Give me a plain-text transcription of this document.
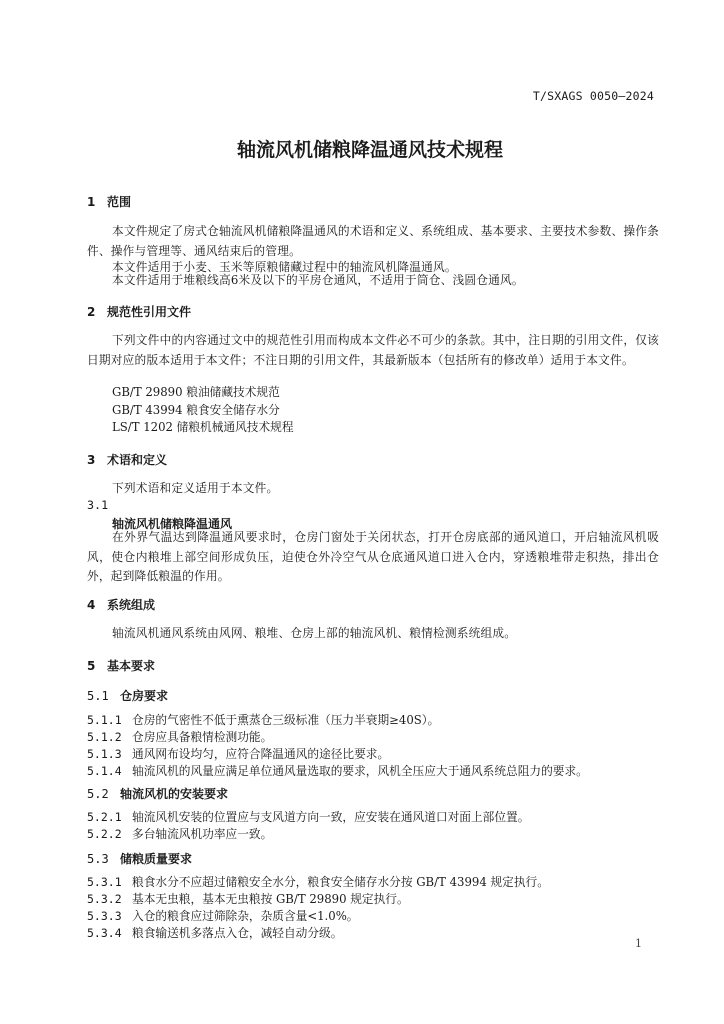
T/SXAGS 0050—2024
轴流风机储粮降温通风技术规程
1 范围
本文件规定了房式仓轴流风机储粮降温通风的术语和定义、系统组成、基本要求、主要技术参数、操作条件、操作与管理等、通风结束后的管理。
本文件适用于小麦、玉米等原粮储藏过程中的轴流风机降温通风。
本文件适用于堆粮线高6米及以下的平房仓通风，不适用于筒仓、浅圆仓通风。
2 规范性引用文件
下列文件中的内容通过文中的规范性引用而构成本文件必不可少的条款。其中，注日期的引用文件，仅该日期对应的版本适用于本文件；不注日期的引用文件，其最新版本（包括所有的修改单）适用于本文件。
GB/T 29890 粮油储藏技术规范
GB/T 43994 粮食安全储存水分
LS/T 1202 储粮机械通风技术规程
3 术语和定义
下列术语和定义适用于本文件。
3.1
轴流风机储粮降温通风
在外界气温达到降温通风要求时，仓房门窗处于关闭状态，打开仓房底部的通风道口，开启轴流风机吸风，使仓内粮堆上部空间形成负压，迫使仓外冷空气从仓底通风道口进入仓内，穿透粮堆带走积热，排出仓外，起到降低粮温的作用。
4 系统组成
轴流风机通风系统由风网、粮堆、仓房上部的轴流风机、粮情检测系统组成。
5 基本要求
5.1 仓房要求
5.1.1 仓房的气密性不低于熏蒸仓三级标准（压力半衰期≥40S）。
5.1.2 仓房应具备粮情检测功能。
5.1.3 通风网布设均匀，应符合降温通风的途径比要求。
5.1.4 轴流风机的风量应满足单位通风量选取的要求，风机全压应大于通风系统总阻力的要求。
5.2 轴流风机的安装要求
5.2.1 轴流风机安装的位置应与支风道方向一致，应安装在通风道口对面上部位置。
5.2.2 多台轴流风机功率应一致。
5.3 储粮质量要求
5.3.1 粮食水分不应超过储粮安全水分，粮食安全储存水分按 GB/T 43994 规定执行。
5.3.2 基本无虫粮，基本无虫粮按 GB/T 29890 规定执行。
5.3.3 入仓的粮食应过筛除杂，杂质含量<1.0%。
5.3.4 粮食输送机多落点入仓，减轻自动分级。
1
